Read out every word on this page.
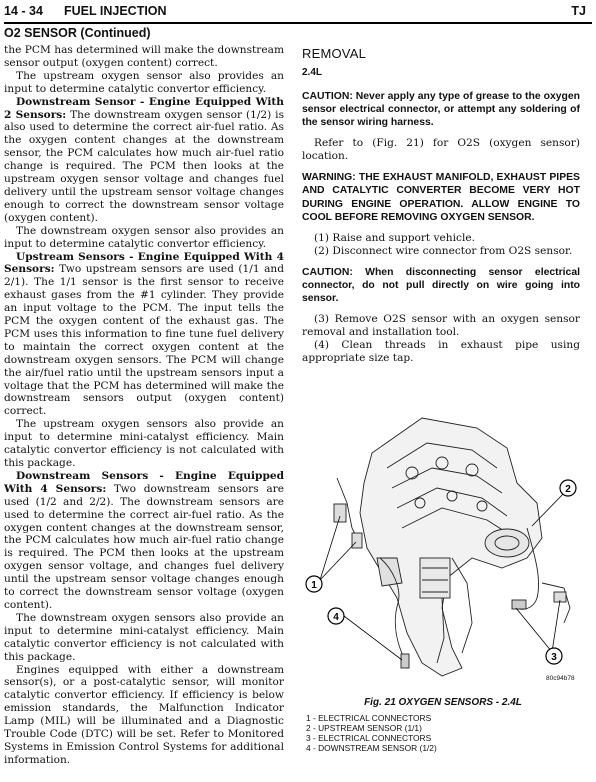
14 - 34 FUEL INJECTION	TJ
O2 SENSOR (Continued)

the PCM has determined will make the downstream sensor output (oxygen content) correct.

The upstream oxygen sensor also provides an input to determine catalytic convertor efficiency.

Downstream Sensor - Engine Equipped With 2 Sensors: The downstream oxygen sensor (1/2) is also used to determine the correct air-fuel ratio. As the oxygen content changes at the downstream sensor, the PCM calculates how much air-fuel ratio change is required. The PCM then looks at the upstream oxygen sensor voltage and changes fuel delivery until the upstream sensor voltage changes enough to correct the downstream sensor voltage (oxygen content).

The downstream oxygen sensor also provides an input to determine catalytic convertor efficiency.

Upstream Sensors - Engine Equipped With 4 Sensors: Two upstream sensors are used (1/1 and 2/1). The 1/1 sensor is the first sensor to receive exhaust gases from the #1 cylinder. They provide an input voltage to the PCM. The input tells the PCM the oxygen content of the exhaust gas. The PCM uses this information to fine tune fuel delivery to maintain the correct oxygen content at the downstream oxygen sensors. The PCM will change the air/fuel ratio until the upstream sensors input a voltage that the PCM has determined will make the downstream sensors output (oxygen content) correct.

The upstream oxygen sensors also provide an input to determine mini-catalyst efficiency. Main catalytic convertor efficiency is not calculated with this package.

Downstream Sensors - Engine Equipped With 4 Sensors: Two downstream sensors are used (1/2 and 2/2). The downstream sensors are used to determine the correct air-fuel ratio. As the oxygen content changes at the downstream sensor, the PCM calculates how much air-fuel ratio change is required. The PCM then looks at the upstream oxygen sensor voltage, and changes fuel delivery until the upstream sensor voltage changes enough to correct the downstream sensor voltage (oxygen content).

The downstream oxygen sensors also provide an input to determine mini-catalyst efficiency. Main catalytic convertor efficiency is not calculated with this package.

Engines equipped with either a downstream sensor(s), or a post-catalytic sensor, will monitor catalytic convertor efficiency. If efficiency is below emission standards, the Malfunction Indicator Lamp (MIL) will be illuminated and a Diagnostic Trouble Code (DTC) will be set. Refer to Monitored Systems in Emission Control Systems for additional information.

REMOVAL
2.4L
CAUTION: Never apply any type of grease to the oxygen sensor electrical connector, or attempt any soldering of the sensor wiring harness.

Refer to (Fig. 21) for O2S (oxygen sensor) location.

WARNING: THE EXHAUST MANIFOLD, EXHAUST PIPES AND CATALYTIC CONVERTER BECOME VERY HOT DURING ENGINE OPERATION. ALLOW ENGINE TO COOL BEFORE REMOVING OXYGEN SENSOR.

(1) Raise and support vehicle.

(2) Disconnect wire connector from O2S sensor.

CAUTION: When disconnecting sensor electrical connector, do not pull directly on wire going into sensor.

(3) Remove O2S sensor with an oxygen sensor removal and installation tool.

(4) Clean threads in exhaust pipe using appropriate size tap.

1
2
3
4
80c94b78
Fig. 21 OXYGEN SENSORS - 2.4L
1 - ELECTRICAL CONNECTORS
2 - UPSTREAM SENSOR (1/1)
3 - ELECTRICAL CONNECTORS
4 - DOWNSTREAM SENSOR (1/2)
